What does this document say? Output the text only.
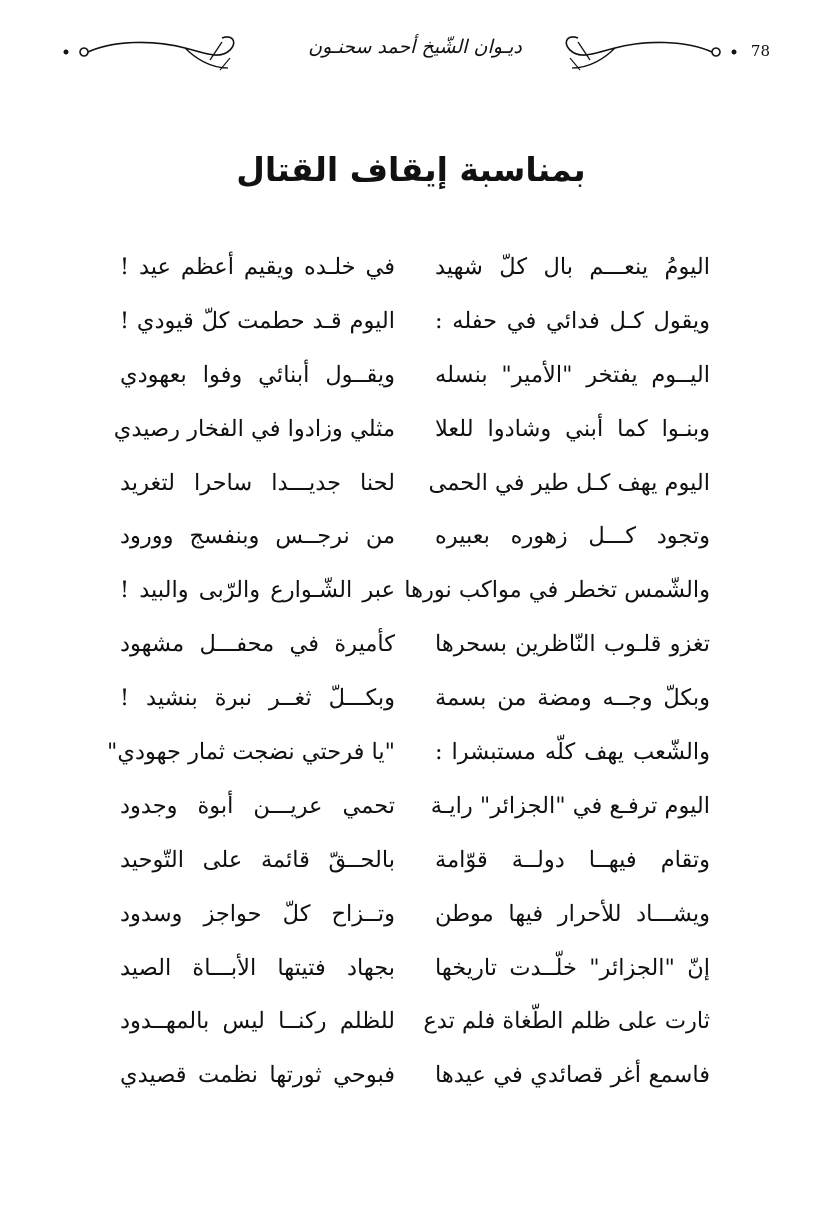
ديـوان الشّيخ أحمد سحنـون	78
بمناسبة إيقاف القتال
اليومُ ينعـــم بال كلّ شهيد
في خلـده ويقيم أعظم عيد !
ويقول كـل فدائي في حفله :
اليوم قـد حطمت كلّ قيودي !
اليــوم يفتخر "الأمير" بنسله
ويقــول أبنائي وفوا بعهودي
وبنـوا كما أبني وشادوا للعلا
مثلي وزادوا في الفخار رصيدي
اليوم يهف كـل طير في الحمى
لحنا جديـــدا ساحرا لتغريد
وتجود كـــل زهوره بعبيره
من نرجــس وبنفسج وورود
والشّمس تخطر في مواكب نورها
عبر الشّـوارع والرّبى والبيد !
تغزو قلـوب النّاظرين بسحرها
كأميرة في محفـــل مشهود
وبكلّ وجــه ومضة من بسمة
وبكـــلّ ثغــر نبرة بنشيد !
والشّعب يهف كلّه مستبشرا :
"يا فرحتي نضجت ثمار جهودي"
اليوم ترفـع في "الجزائر" رايـة
تحمي عريـــن أبوة وجدود
وتقام فيهــا دولــة قوّامة
بالحــقّ قائمة على التّوحيد
ويشـــاد للأحرار فيها موطن
وتــزاح كلّ حواجز وسدود
إنّ "الجزائر" خلّــدت تاريخها
بجهاد فتيتها الأبـــاة الصيد
ثارت على ظلم الطّغاة فلم تدع
للظلم ركنــا ليس بالمهــدود
فاسمع أغر قصائدي في عيدها
فبوحي ثورتها نظمت قصيدي
